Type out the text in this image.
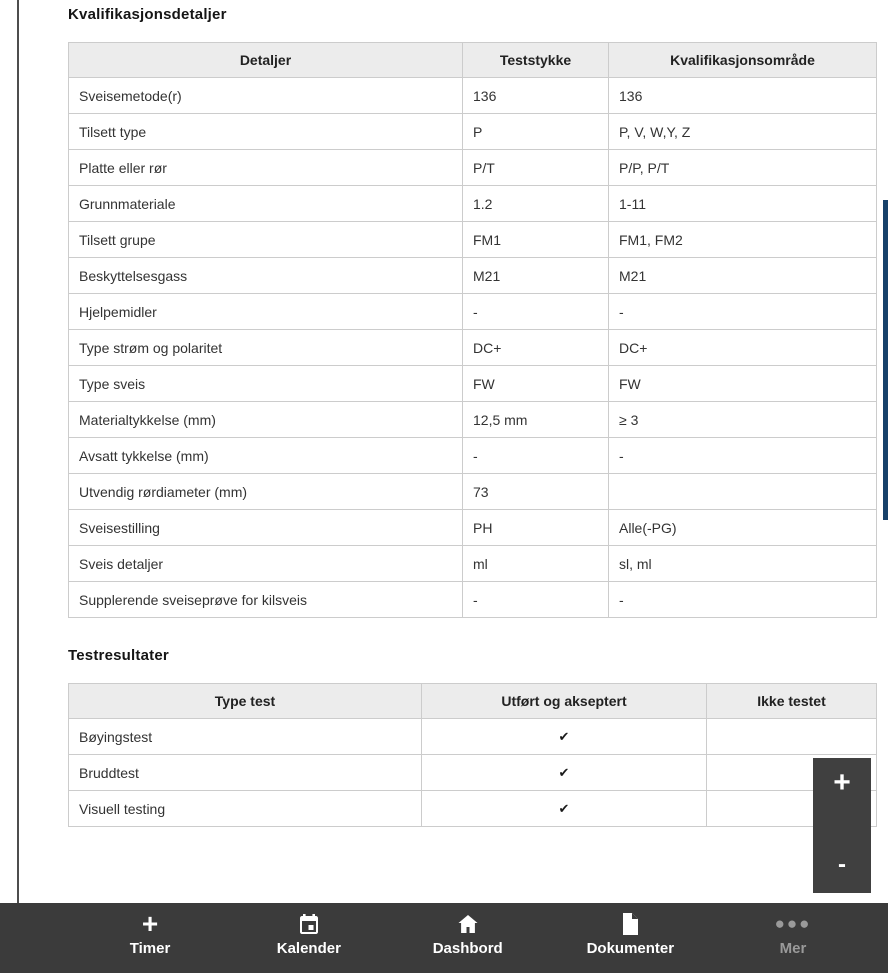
Kvalifikasjonsdetaljer
Detaljer	Teststykke	Kvalifikasjonsområde
Sveisemetode(r)	136	136
Tilsett type	P	P, V, W,Y, Z
Platte eller rør	P/T	P/P, P/T
Grunnmateriale	1.2	1-11
Tilsett grupe	FM1	FM1, FM2
Beskyttelsesgass	M21	M21
Hjelpemidler	-	-
Type strøm og polaritet	DC+	DC+
Type sveis	FW	FW
Materialtykkelse (mm)	12,5 mm	≥ 3
Avsatt tykkelse (mm)	-	-
Utvendig rørdiameter (mm)	73	
Sveisestilling	PH	Alle(-PG)
Sveis detaljer	ml	sl, ml
Supplerende sveiseprøve for kilsveis	-	-
Testresultater
Type test	Utført og akseptert	Ikke testet
Bøyingstest	✔	
Bruddtest	✔	
Visuell testing	✔	
+
-
+
Timer	Kalender	Dashbord	Dokumenter
●●●
Mer
